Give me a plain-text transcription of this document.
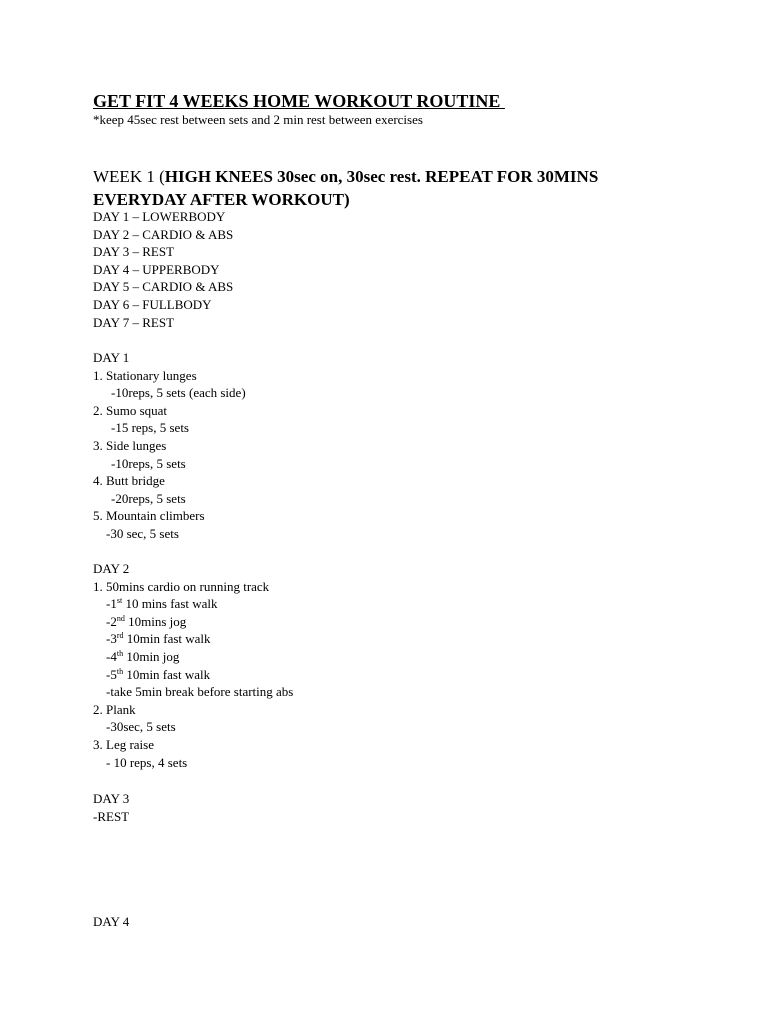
GET FIT 4 WEEKS HOME WORKOUT ROUTINE

*keep 45sec rest between sets and 2 min rest between exercises

WEEK 1 (HIGH KNEES 30sec on, 30sec rest. REPEAT FOR 30MINS EVERYDAY AFTER WORKOUT)
DAY 1 – LOWERBODY
DAY 2 – CARDIO & ABS
DAY 3 – REST
DAY 4 – UPPERBODY
DAY 5 – CARDIO & ABS
DAY 6 – FULLBODY
DAY 7 – REST
DAY 1
1. Stationary lunges
-10reps, 5 sets (each side)
2. Sumo squat
-15 reps, 5 sets
3. Side lunges
-10reps, 5 sets
4. Butt bridge
-20reps, 5 sets
5. Mountain climbers
-30 sec, 5 sets
DAY 2
1. 50mins cardio on running track
-1st 10 mins fast walk
-2nd 10mins jog
-3rd 10min fast walk
-4th 10min jog
-5th 10min fast walk
-take 5min break before starting abs
2. Plank
-30sec, 5 sets
3. Leg raise
- 10 reps, 4 sets
DAY 3
-REST
DAY 4
